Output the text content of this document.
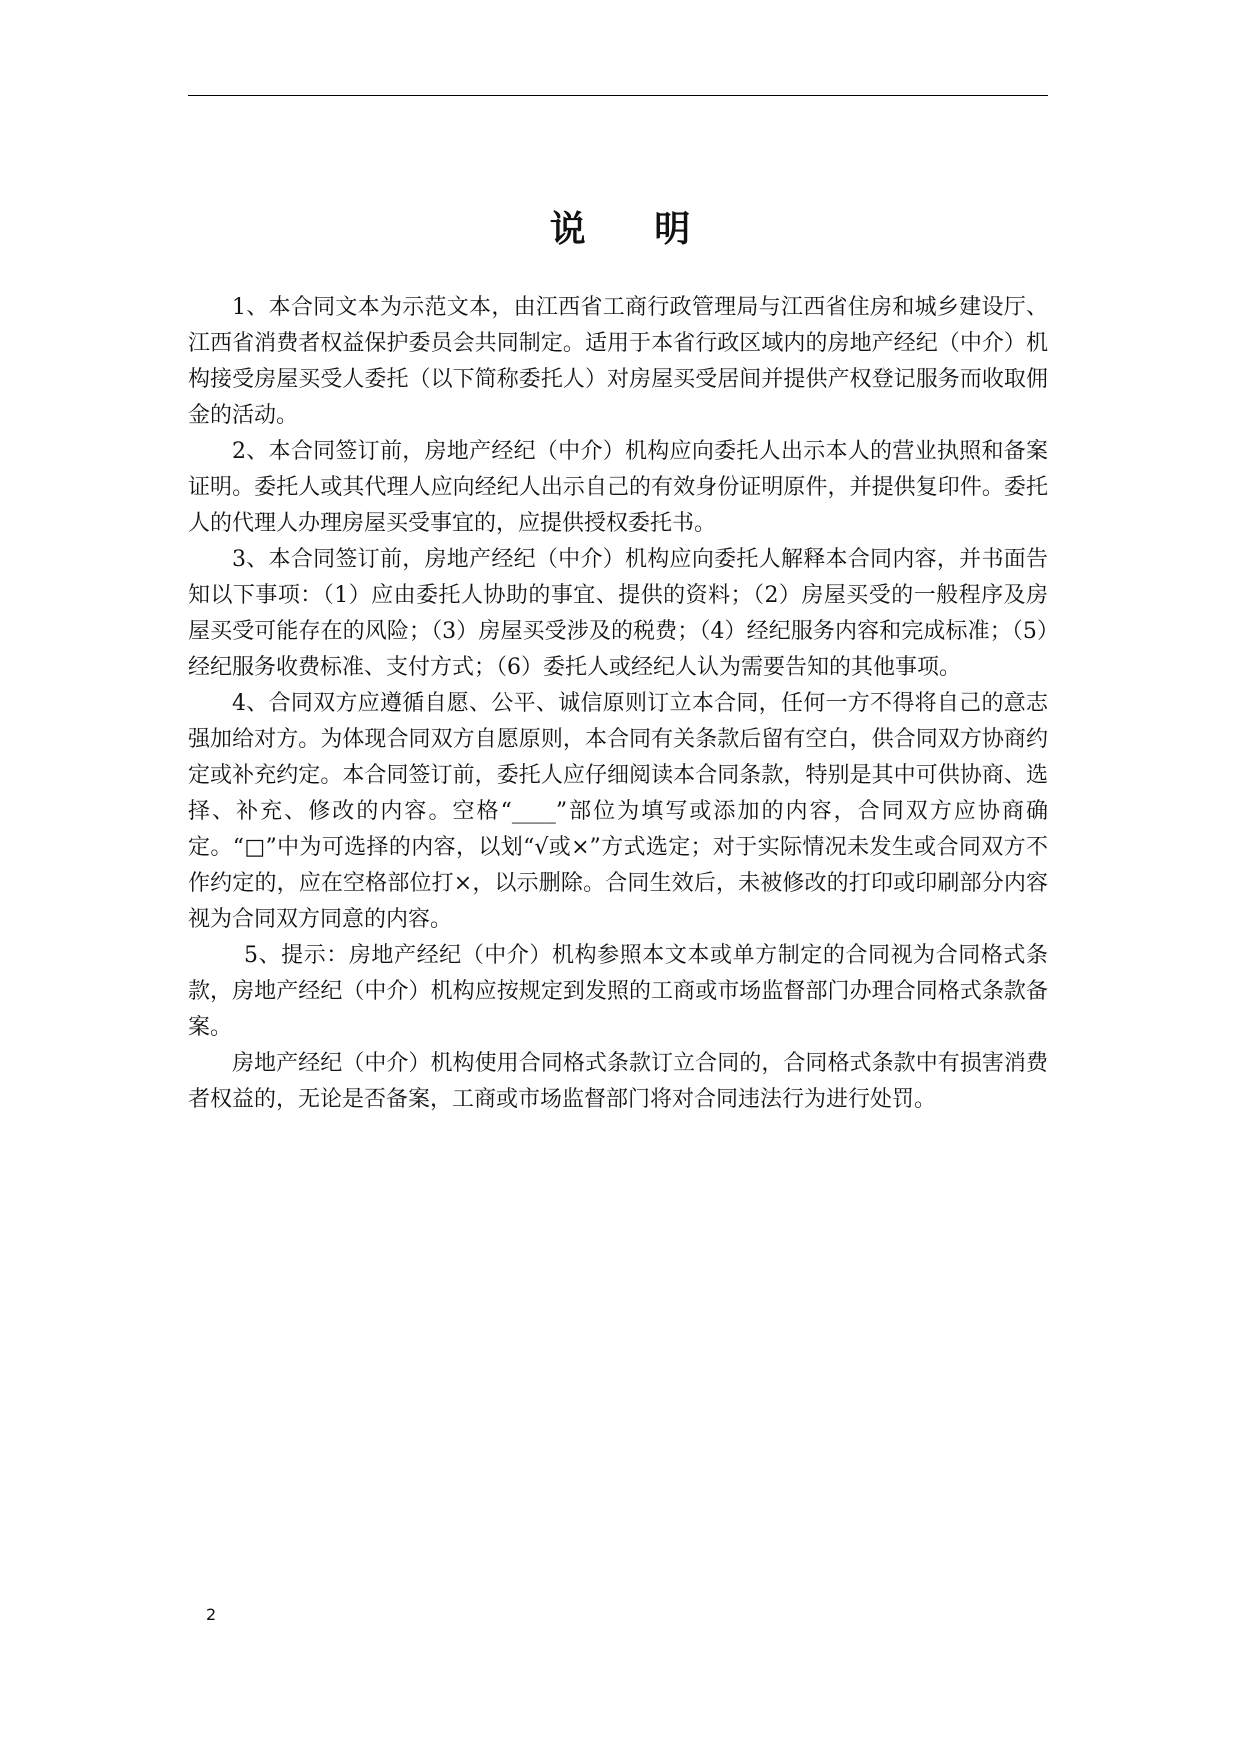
说 明

1、本合同文本为示范文本，由江西省工商行政管理局与江西省住房和城乡建设厅、江西省消费者权益保护委员会共同制定。适用于本省行政区域内的房地产经纪（中介）机构接受房屋买受人委托（以下简称委托人）对房屋买受居间并提供产权登记服务而收取佣金的活动。

2、本合同签订前，房地产经纪（中介）机构应向委托人出示本人的营业执照和备案证明。委托人或其代理人应向经纪人出示自己的有效身份证明原件，并提供复印件。委托人的代理人办理房屋买受事宜的，应提供授权委托书。

3、本合同签订前，房地产经纪（中介）机构应向委托人解释本合同内容，并书面告知以下事项：（1）应由委托人协助的事宜、提供的资料；（2）房屋买受的一般程序及房屋买受可能存在的风险；（3）房屋买受涉及的税费；（4）经纪服务内容和完成标准；（5）经纪服务收费标准、支付方式；（6）委托人或经纪人认为需要告知的其他事项。

4、合同双方应遵循自愿、公平、诚信原则订立本合同，任何一方不得将自己的意志强加给对方。为体现合同双方自愿原则，本合同有关条款后留有空白，供合同双方协商约定或补充约定。本合同签订前，委托人应仔细阅读本合同条款，特别是其中可供协商、选择、补充、修改的内容。空格“____”部位为填写或添加的内容，合同双方应协商确定。“□”中为可选择的内容，以划“√或×”方式选定；对于实际情况未发生或合同双方不作约定的，应在空格部位打×，以示删除。合同生效后，未被修改的打印或印刷部分内容视为合同双方同意的内容。

5、提示：房地产经纪（中介）机构参照本文本或单方制定的合同视为合同格式条款，房地产经纪（中介）机构应按规定到发照的工商或市场监督部门办理合同格式条款备案。

房地产经纪（中介）机构使用合同格式条款订立合同的，合同格式条款中有损害消费者权益的，无论是否备案，工商或市场监督部门将对合同违法行为进行处罚。

2
